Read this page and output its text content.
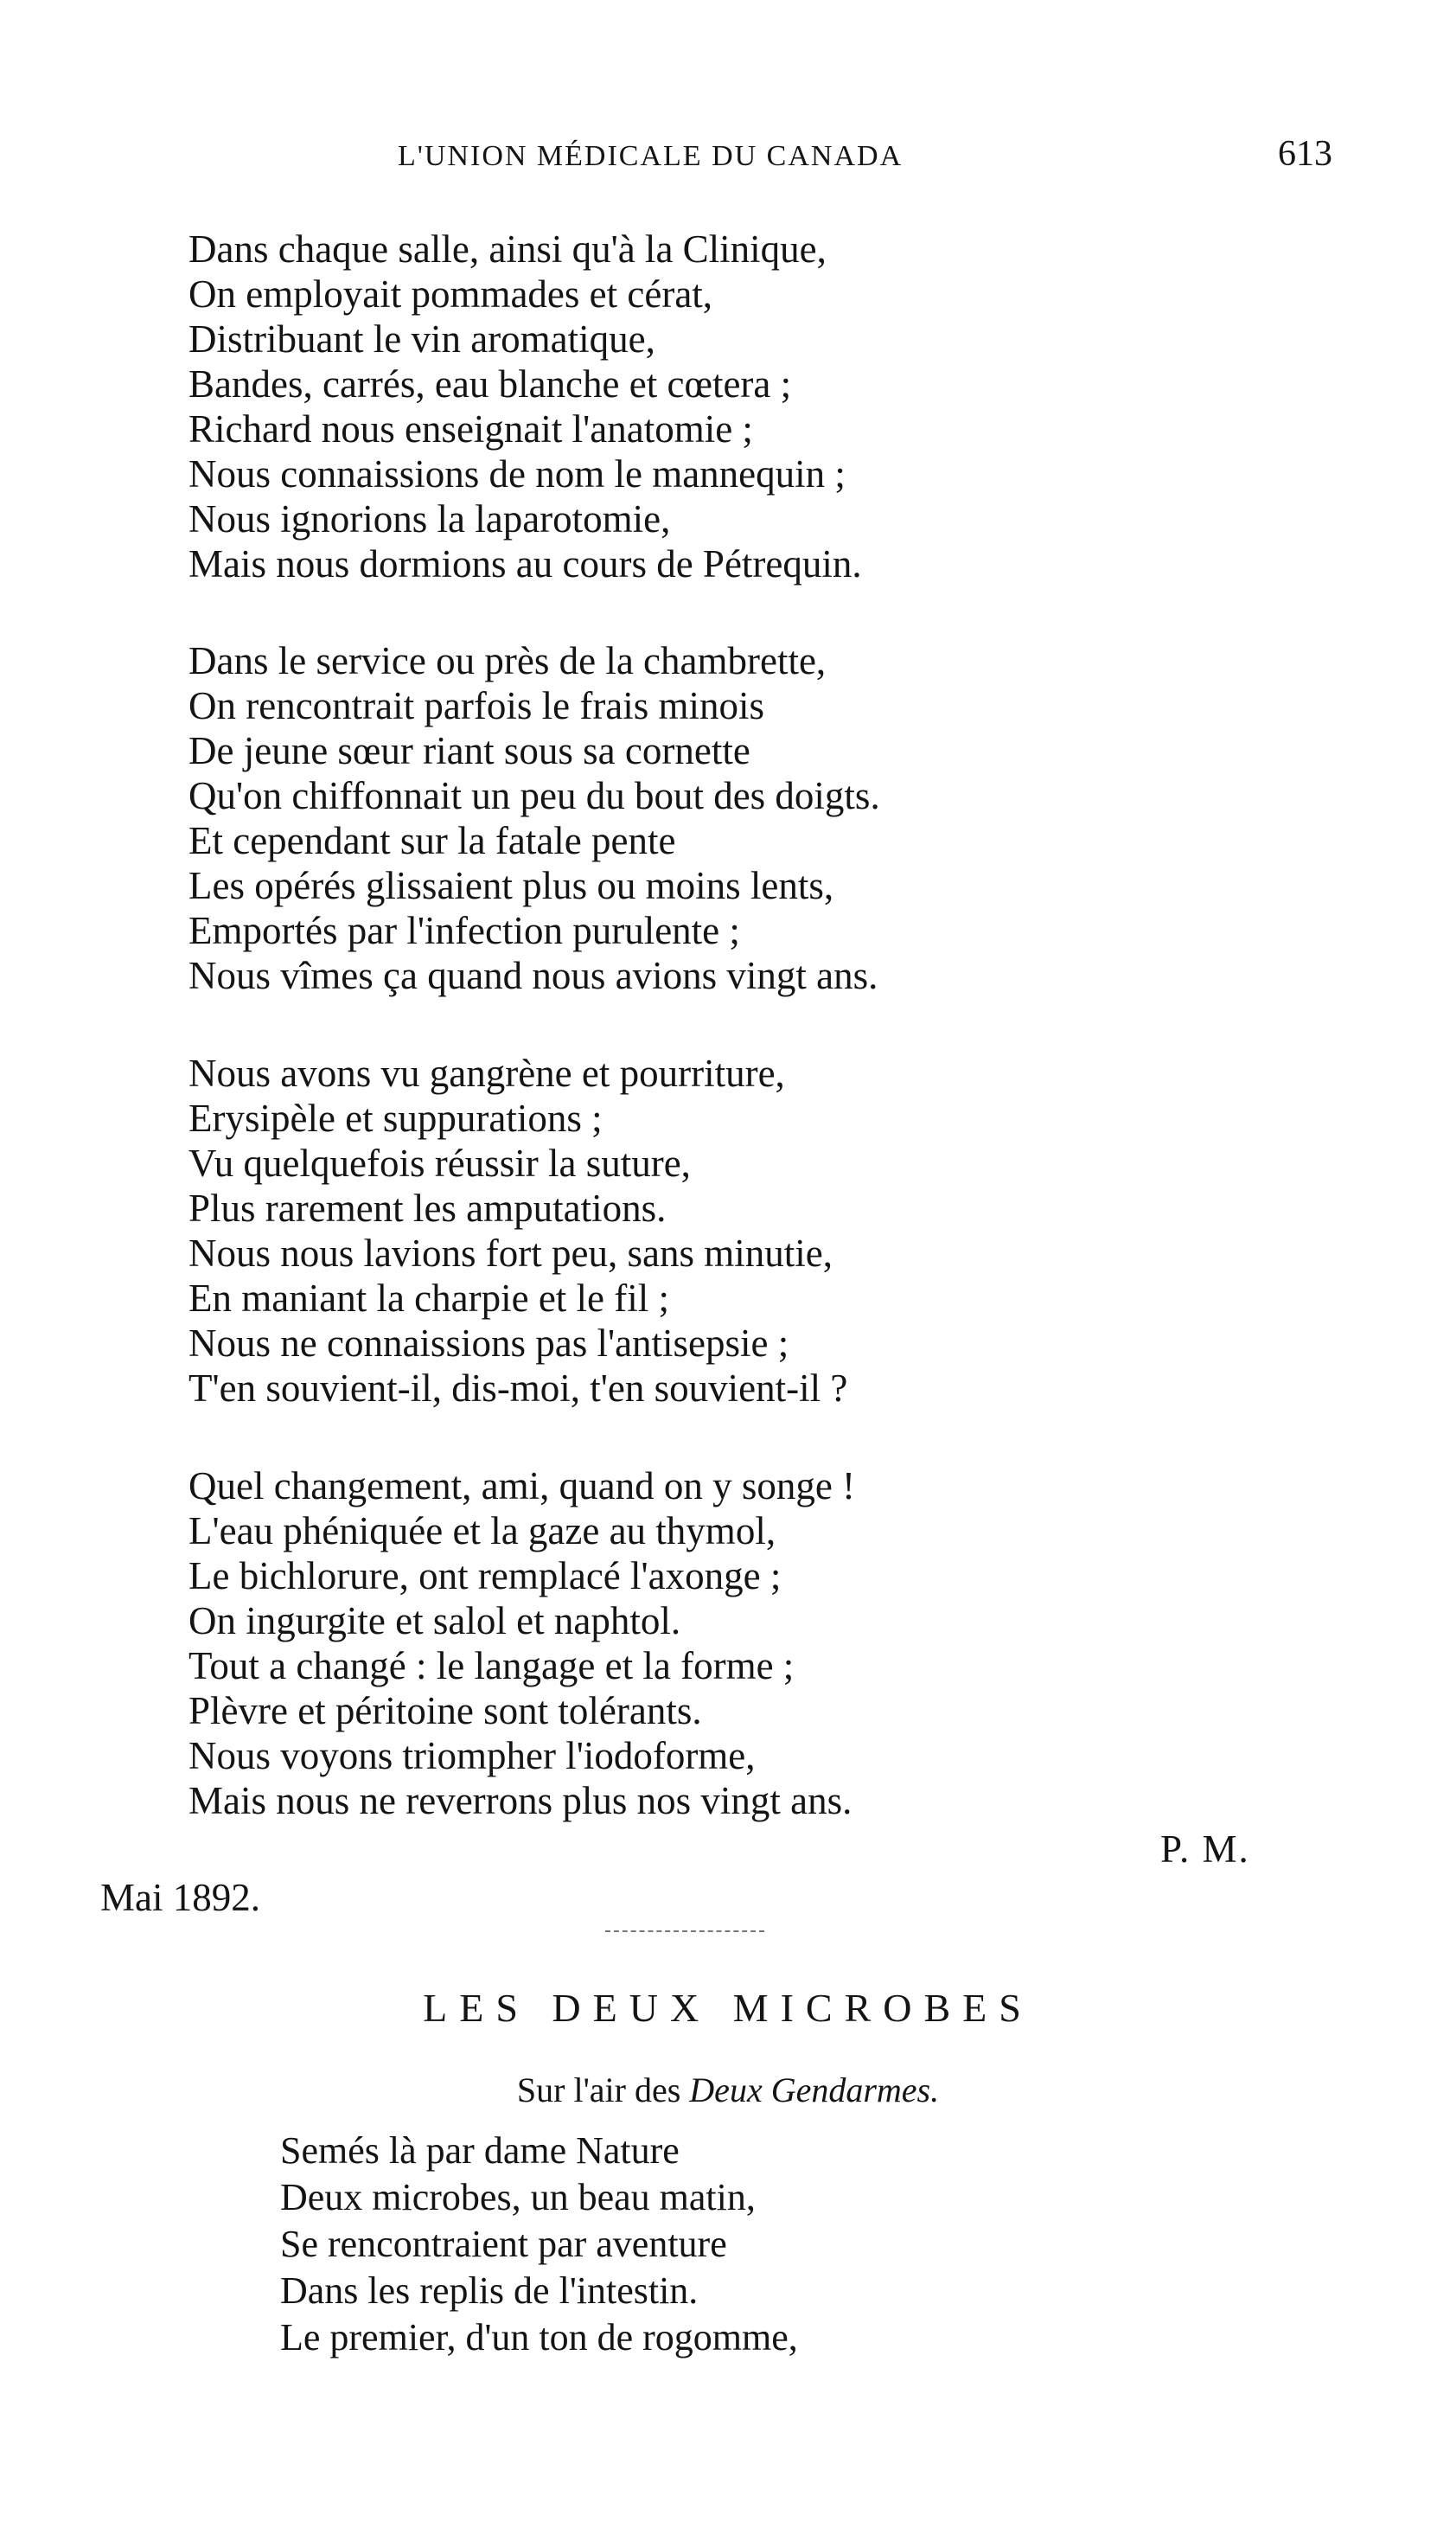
L'UNION MÉDICALE DU CANADA	613
Dans chaque salle, ainsi qu'à la Clinique,
On employait pommades et cérat,
Distribuant le vin aromatique,
Bandes, carrés, eau blanche et cœtera ;
Richard nous enseignait l'anatomie ;
Nous connaissions de nom le mannequin ;
Nous ignorions la laparotomie,
Mais nous dormions au cours de Pétrequin.
Dans le service ou près de la chambrette,
On rencontrait parfois le frais minois
De jeune sœur riant sous sa cornette
Qu'on chiffonnait un peu du bout des doigts.
Et cependant sur la fatale pente
Les opérés glissaient plus ou moins lents,
Emportés par l'infection purulente ;
Nous vîmes ça quand nous avions vingt ans.
Nous avons vu gangrène et pourriture,
Erysipèle et suppurations ;
Vu quelquefois réussir la suture,
Plus rarement les amputations.
Nous nous lavions fort peu, sans minutie,
En maniant la charpie et le fil ;
Nous ne connaissions pas l'antisepsie ;
T'en souvient-il, dis-moi, t'en souvient-il ?
Quel changement, ami, quand on y songe !
L'eau phéniquée et la gaze au thymol,
Le bichlorure, ont remplacé l'axonge ;
On ingurgite et salol et naphtol.
Tout a changé : le langage et la forme ;
Plèvre et péritoine sont tolérants.
Nous voyons triompher l'iodoforme,
Mais nous ne reverrons plus nos vingt ans.
P. M.
Mai 1892.
LES DEUX MICROBES
Sur l'air des Deux Gendarmes.
Semés là par dame Nature
Deux microbes, un beau matin,
Se rencontraient par aventure
Dans les replis de l'intestin.
Le premier, d'un ton de rogomme,
